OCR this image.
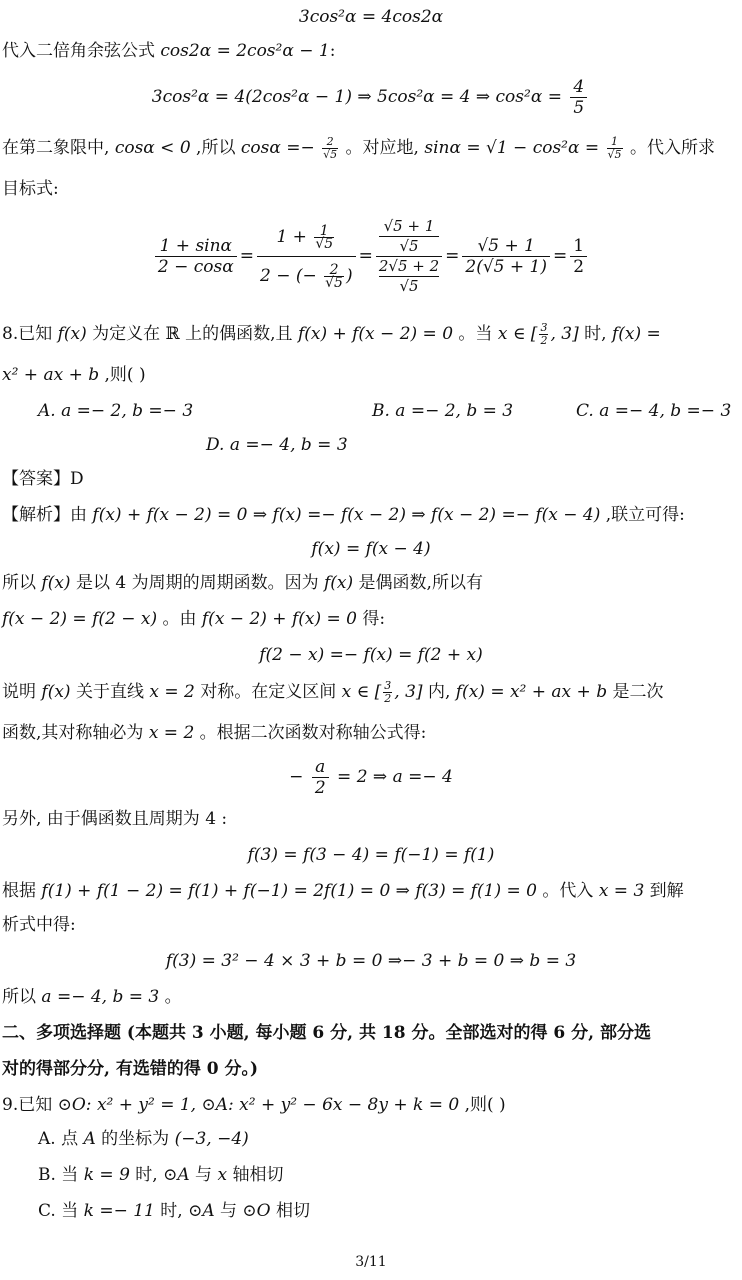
3cos²α = 4cos2α
代入二倍角余弦公式 cos2α = 2cos²α − 1:
3cos²α = 4(2cos²α − 1) ⇒ 5cos²α = 4 ⇒ $\cos^2\alpha = \frac{4}{5}$
在第二象限中, cosα < 0 ,所以 $\cos\alpha =- \frac{2}{√5}$ 。对应地, $\sin\alpha = √1 - \cos^2\alpha = \frac{1}{√5}$ 。代入所求
目标式:
$\frac{1 + \sin\alpha}{2 - \cos\alpha} = \frac{1 + \frac{1}{√5}}{2 - (- \frac{2}{√5} )} = √5 + 1$
√5
2√5 + 2
$√5 = \frac{√5 + 1}{2(√5 + 1)} = \frac{1}{2}$
8.已知 f(x) 为定义在 ℝ 上的偶函数,且 f(x) + f(x − 2) = 0 。当 x ∈ [ $\frac{3}{2}$ , 3] 时, f(x) =
x² + ax + b ,则( )
A. a =− 2, b =− 3	B. a =− 2, b = 3	C. a =− 4, b =− 3
D. a =− 4, b = 3
【答案】D
【解析】由 f(x) + f(x − 2) = 0 ⇒ f(x) =− f(x − 2) ⇒ f(x − 2) =− f(x − 4) ,联立可得:
f(x) = f(x − 4)
所以 f(x) 是以 4 为周期的周期函数。因为 f(x) 是偶函数,所以有
f(x − 2) = f(2 − x) 。由 f(x − 2) + f(x) = 0 得:
f(2 − x) =− f(x) = f(2 + x)
说明 f(x) 关于直线 x = 2 对称。在定义区间 x ∈ [ $\frac{3}{2}$ , 3] 内, f(x) = x² + ax + b 是二次
函数,其对称轴必为 x = 2 。根据二次函数对称轴公式得:
− $\frac{a}{2} = 2$ ⇒ a =− 4
另外, 由于偶函数且周期为 4 :
f(3) = f(3 − 4) = f(−1) = f(1)
根据 f(1) + f(1 − 2) = f(1) + f(−1) = 2f(1) = 0 ⇒ f(3) = f(1) = 0 。代入 x = 3 到解
析式中得:
f(3) = 3² − 4 × 3 + b = 0 ⇒− 3 + b = 0 ⇒ b = 3
所以 a =− 4, b = 3 。
二、多项选择题 (本题共 3 小题, 每小题 6 分, 共 18 分。全部选对的得 6 分, 部分选
对的得部分分, 有选错的得 0 分。)
9.已知 ⊙O: x² + y² = 1, ⊙A: x² + y² − 6x − 8y + k = 0 ,则( )
A. 点 A 的坐标为 (−3, −4)
B. 当 k = 9 时, ⊙A 与 x 轴相切
C. 当 k =− 11 时, ⊙A 与 ⊙O 相切
3/11
